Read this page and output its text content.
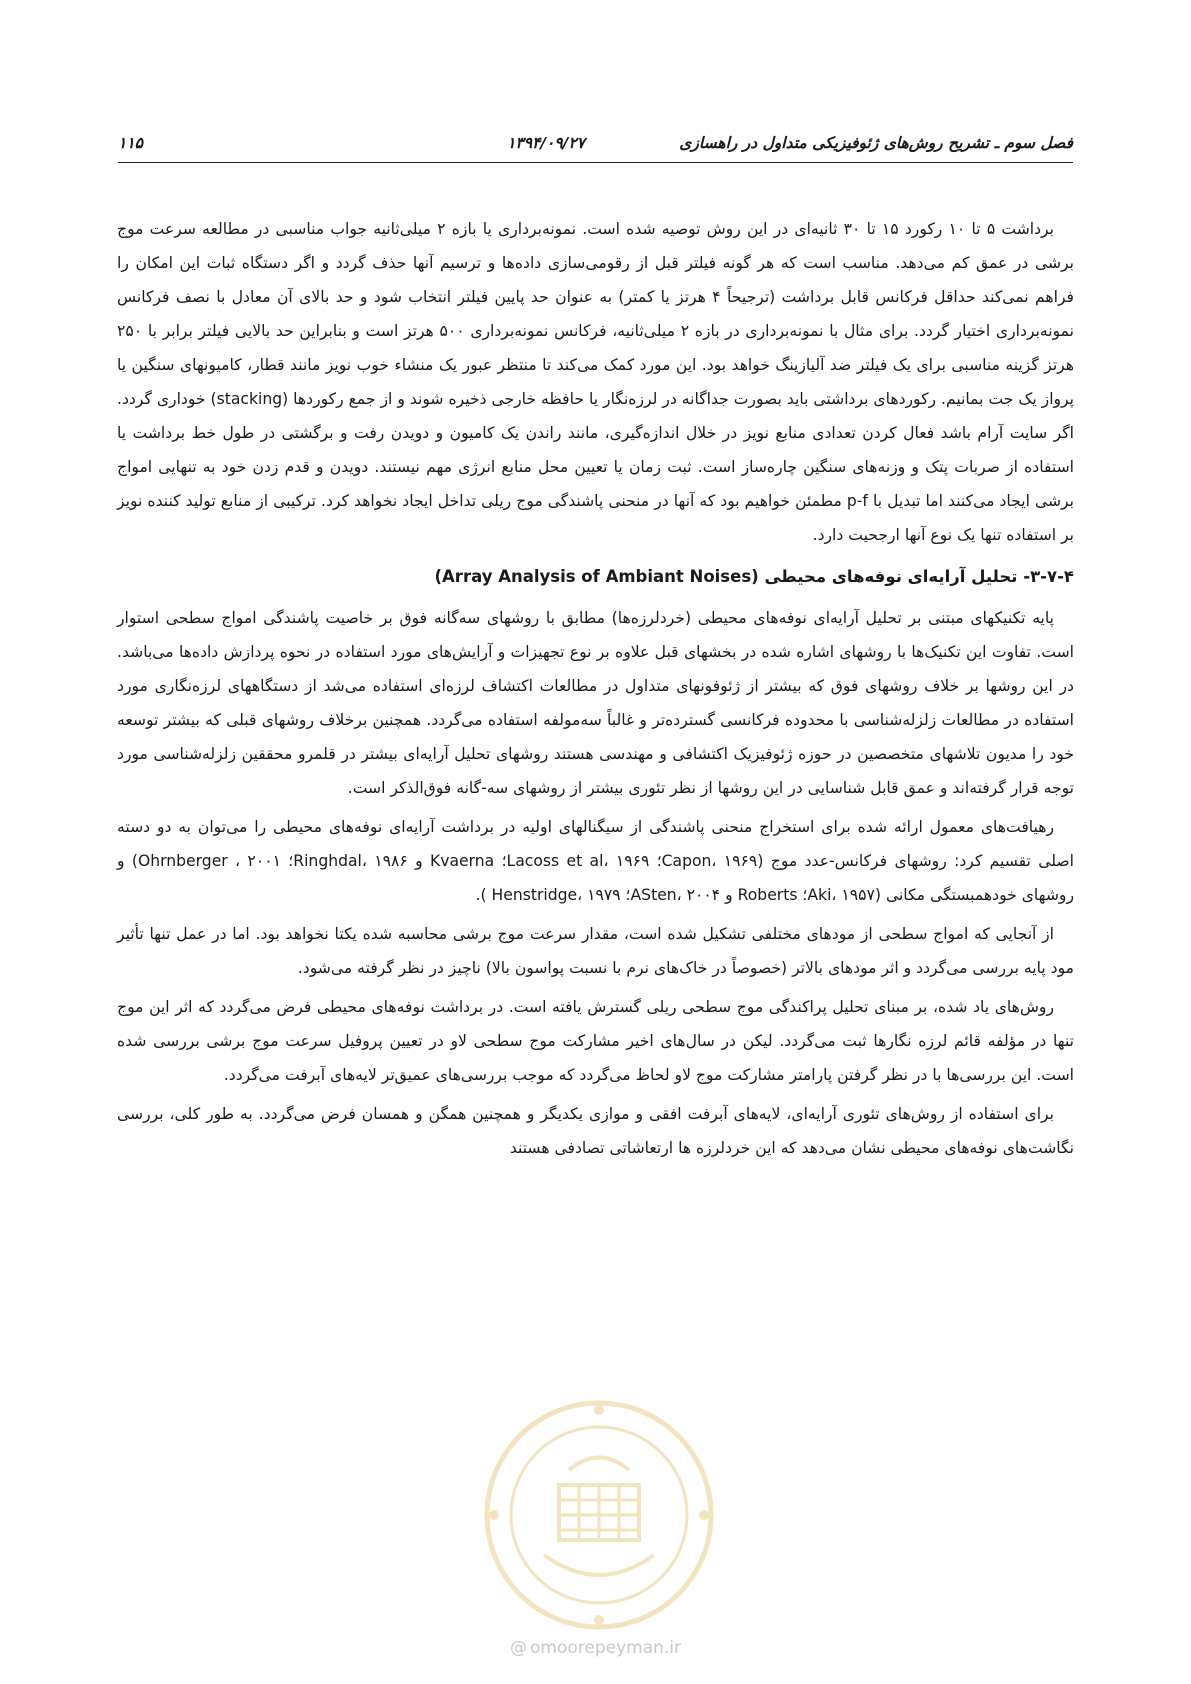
فصل سوم ـ تشریح روش‌های ژئوفیزیکی متداول در راهسازی
۱۳۹۴/۰۹/۲۷
۱۱۵

برداشت ۵ تا ۱۰ رکورد ۱۵ تا ۳۰ ثانیه‌ای در این روش توصیه شده است. نمونه‌برداری یا بازه ۲ میلی‌ثانیه جواب مناسبی در مطالعه سرعت موج برشی در عمق کم می‌دهد. مناسب است که هر گونه فیلتر قبل از رقومی‌سازی داده‌ها و ترسیم آنها حذف گردد و اگر دستگاه ثبات این امکان را فراهم نمی‌کند حداقل فرکانس قابل برداشت (ترجیحاً ۴ هرتز یا کمتر) به عنوان حد پایین فیلتر انتخاب شود و حد بالای آن معادل با نصف فرکانس نمونه‌برداری اختیار گردد. برای مثال با نمونه‌برداری در بازه ۲ میلی‌ثانیه، فرکانس نمونه‌برداری ۵۰۰ هرتز است و بنابراین حد بالایی فیلتر برابر با ۲۵۰ هرتز گزینه مناسبی برای یک فیلتر ضد آلیازینگ خواهد بود. این مورد کمک می‌کند تا منتظر عبور یک منشاء خوب نویز مانند قطار، کامیونهای سنگین یا پرواز یک جت بمانیم. رکوردهای برداشتی باید بصورت جداگانه در لرزه‌نگار یا حافظه خارجی ذخیره شوند و از جمع رکوردها (stacking) خوداری گردد. اگر سایت آرام باشد فعال کردن تعدادی منابع نویز در خلال اندازه‌گیری، مانند راندن یک کامیون و دویدن رفت و برگشتی در طول خط برداشت یا استفاده از صربات پتک و وزنه‌های سنگین چاره‌ساز است. ثبت زمان یا تعیین محل منابع انرژی مهم نیستند. دویدن و قدم زدن خود به تنهایی امواج برشی ایجاد می‌کنند اما تبدیل با p-f مطمئن خواهیم بود که آنها در منحنی پاشندگی موج ریلی تداخل ایجاد نخواهد کرد. ترکیبی از منابع تولید کننده نویز بر استفاده تنها یک نوع آنها ارجحیت دارد.

۳-۷-۴- تحلیل آرایه‌ای نوفه‌های محیطی (Array Analysis of Ambiant Noises)

پایه تکنیکهای مبتنی بر تحلیل آرایه‌ای نوفه‌های محیطی (خردلرزه‌ها) مطابق با روشهای سه‌گانه فوق بر خاصیت پاشندگی امواج سطحی استوار است. تفاوت این تکنیک‌ها با روشهای اشاره شده در بخشهای قبل علاوه بر نوع تجهیزات و آرایش‌های مورد استفاده در نحوه پردازش داده‌ها می‌باشد. در این روشها بر خلاف روشهای فوق که بیشتر از ژئوفونهای متداول در مطالعات اکتشاف لرزه‌ای استفاده می‌شد از دستگاههای لرزه‌نگاری مورد استفاده در مطالعات زلزله‌شناسی با محدوده فرکانسی گسترده‌تر و غالباً سه‌مولفه استفاده می‌گردد. همچنین برخلاف روشهای قبلی که بیشتر توسعه خود را مدیون تلاشهای متخصصین در حوزه ژئوفیزیک اکتشافی و مهندسی هستند روشهای تحلیل آرایه‌ای بیشتر در قلمرو محققین زلزله‌شناسی مورد توجه قرار گرفته‌اند و عمق قابل شناسایی در این روشها از نظر تئوری بیشتر از روشهای سه-گانه فوق‌الذکر است.

رهیافت‌های معمول ارائه شده برای استخراج منحنی پاشندگی از سیگنالهای اولیه در برداشت آرایه‌ای نوفه‌های محیطی را می‌توان به دو دسته اصلی تقسیم کرد: روشهای فرکانس-عدد موج (Capon، ۱۹۶۹؛ Lacoss et al، ۱۹۶۹؛ Kvaerna و Ringhdal، ۱۹۸۶؛ Ohrnberger ، ۲۰۰۱) و روشهای خودهمبستگی مکانی (Aki، ۱۹۵۷؛ Roberts و ASten، ۲۰۰۴؛ Henstridge، ۱۹۷۹ ).

از آنجایی که امواج سطحی از مودهای مختلفی تشکیل شده است، مقدار سرعت موج برشی محاسبه شده یکتا نخواهد بود. اما در عمل تنها تأثیر مود پایه بررسی می‌گردد و اثر مودهای بالاتر (خصوصاً در خاک‌های نرم با نسبت پواسون بالا) ناچیز در نظر گرفته می‌شود.

روش‌های یاد شده، بر مبنای تحلیل پراکندگی موج سطحی ریلی گسترش یافته است. در برداشت نوفه‌های محیطی فرض می‌گردد که اثر این موج تنها در مؤلفه قائم لرزه نگارها ثبت می‌گردد. لیکن در سال‌های اخیر مشارکت موج سطحی لاو در تعیین پروفیل سرعت موج برشی بررسی شده است. این بررسی‌ها با در نظر گرفتن پارامتر مشارکت موج لاو لحاظ می‌گردد که موجب بررسی‌های عمیق‌تر لایه‌های آبرفت می‌گردد.

برای استفاده از روش‌های تئوری آرایه‌ای، لایه‌های آبرفت افقی و موازی یکدیگر و همچنین همگن و همسان فرض می‌گردد. به طور کلی، بررسی نگاشت‌های نوفه‌های محیطی نشان می‌دهد که این خردلرزه ها ارتعاشاتی تصادفی هستند

@ omoorepeyman.ir
